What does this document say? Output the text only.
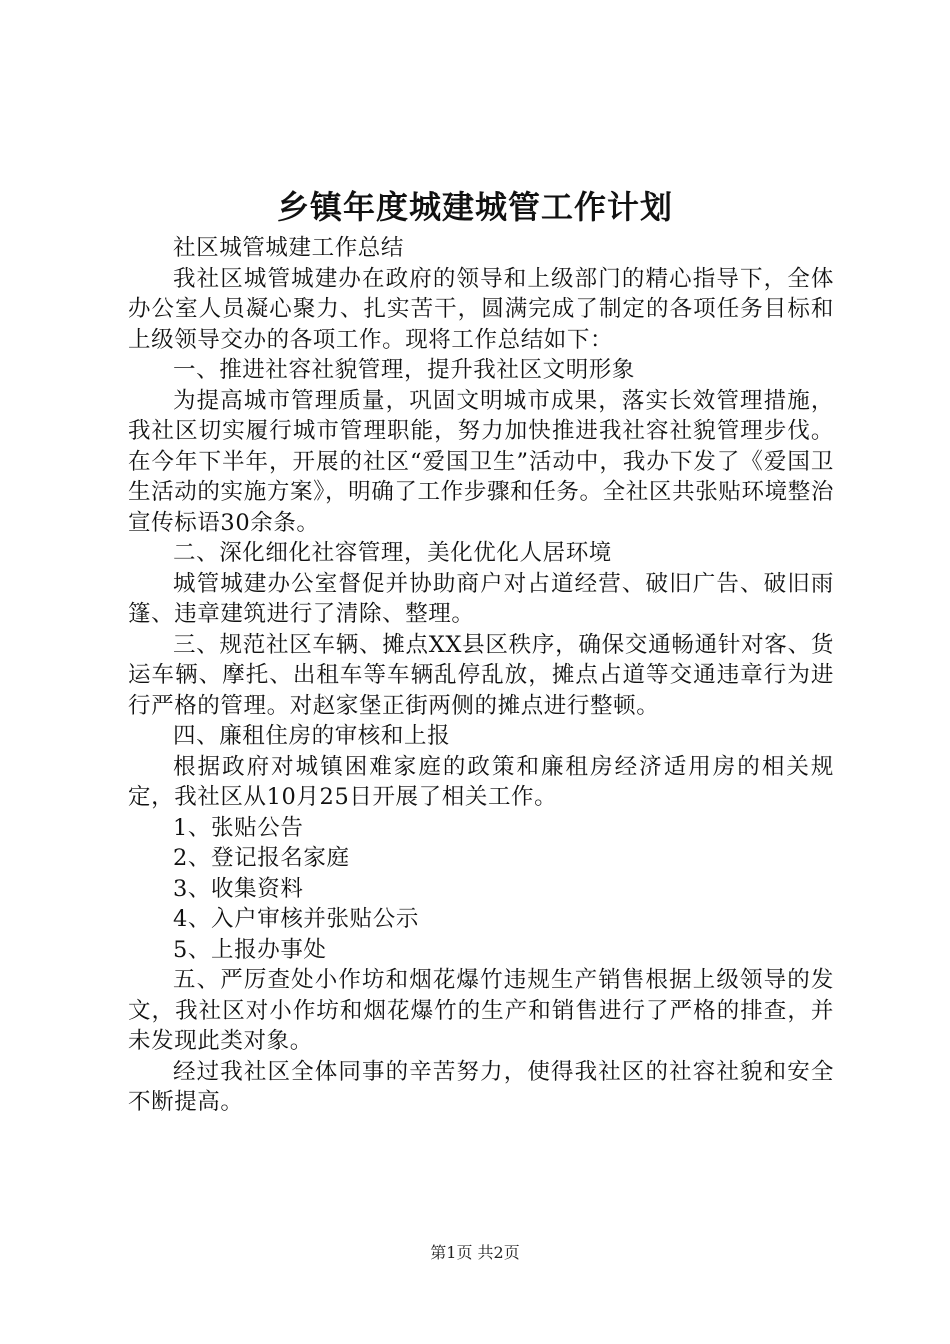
乡镇年度城建城管工作计划

社区城管城建工作总结

我社区城管城建办在政府的领导和上级部门的精心指导下，全体办公室人员凝心聚力、扎实苦干，圆满完成了制定的各项任务目标和上级领导交办的各项工作。现将工作总结如下：

一、推进社容社貌管理，提升我社区文明形象

为提高城市管理质量，巩固文明城市成果，落实长效管理措施，我社区切实履行城市管理职能，努力加快推进我社容社貌管理步伐。在今年下半年，开展的社区“爱国卫生”活动中，我办下发了《爱国卫生活动的实施方案》，明确了工作步骤和任务。全社区共张贴环境整治宣传标语30余条。

二、深化细化社容管理，美化优化人居环境

城管城建办公室督促并协助商户对占道经营、破旧广告、破旧雨篷、违章建筑进行了清除、整理。

三、规范社区车辆、摊点XX县区秩序，确保交通畅通针对客、货运车辆、摩托、出租车等车辆乱停乱放，摊点占道等交通违章行为进行严格的管理。对赵家堡正街两侧的摊点进行整顿。

四、廉租住房的审核和上报

根据政府对城镇困难家庭的政策和廉租房经济适用房的相关规定，我社区从10月25日开展了相关工作。

1、张贴公告

2、登记报名家庭

3、收集资料

4、入户审核并张贴公示

5、上报办事处

五、严厉查处小作坊和烟花爆竹违规生产销售根据上级领导的发文，我社区对小作坊和烟花爆竹的生产和销售进行了严格的排查，并未发现此类对象。

经过我社区全体同事的辛苦努力，使得我社区的社容社貌和安全不断提高。

第1页 共2页
